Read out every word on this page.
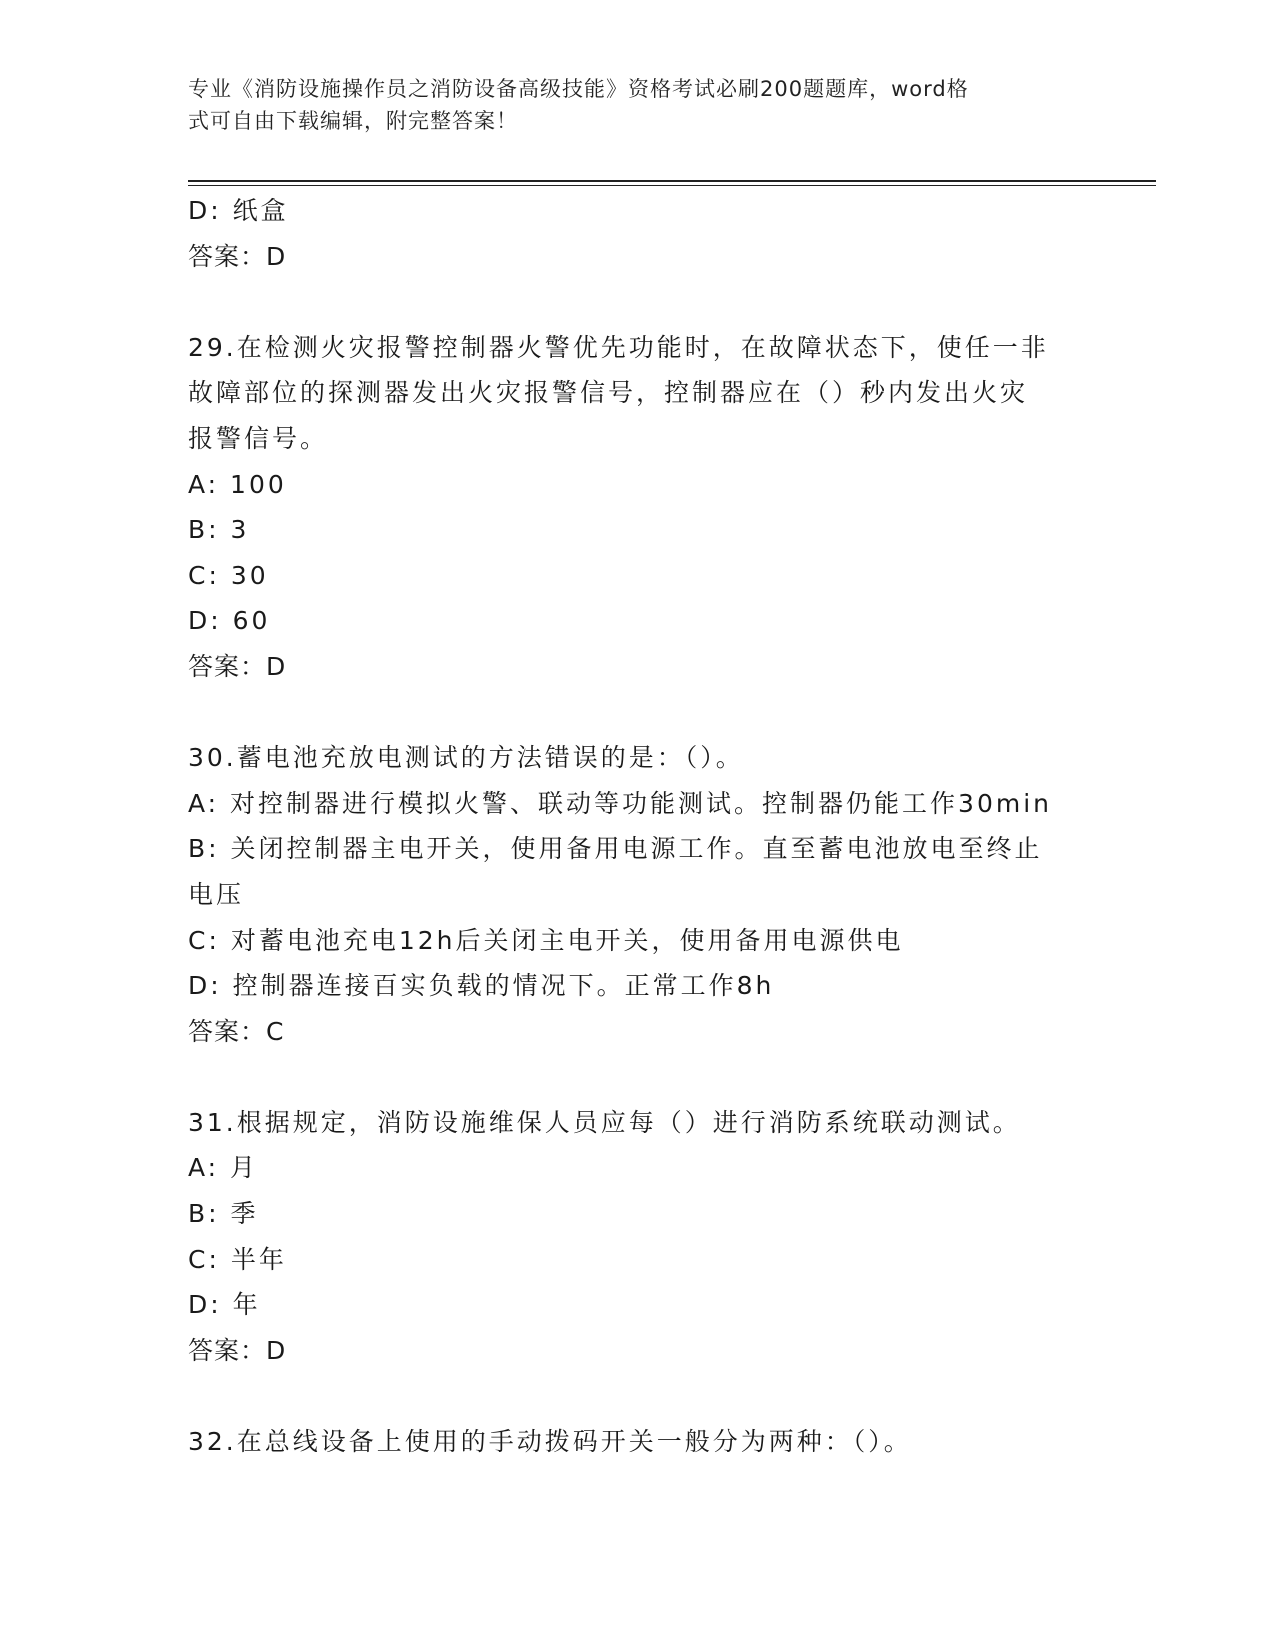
专业《消防设施操作员之消防设备高级技能》资格考试必刷200题题库，word格
式可自由下载编辑，附完整答案！
D: 纸盒
答案：D
29.在检测火灾报警控制器火警优先功能时，在故障状态下，使任一非
故障部位的探测器发出火灾报警信号，控制器应在（）秒内发出火灾
报警信号。
A: 100
B: 3
C: 30
D: 60
答案：D
30.蓄电池充放电测试的方法错误的是：（）。
A: 对控制器进行模拟火警、联动等功能测试。控制器仍能工作30min
B: 关闭控制器主电开关，使用备用电源工作。直至蓄电池放电至终止
电压
C: 对蓄电池充电12h后关闭主电开关，使用备用电源供电
D: 控制器连接百实负载的情况下。正常工作8h
答案：C
31.根据规定，消防设施维保人员应每（）进行消防系统联动测试。
A: 月
B: 季
C: 半年
D: 年
答案：D
32.在总线设备上使用的手动拨码开关一般分为两种：（）。
